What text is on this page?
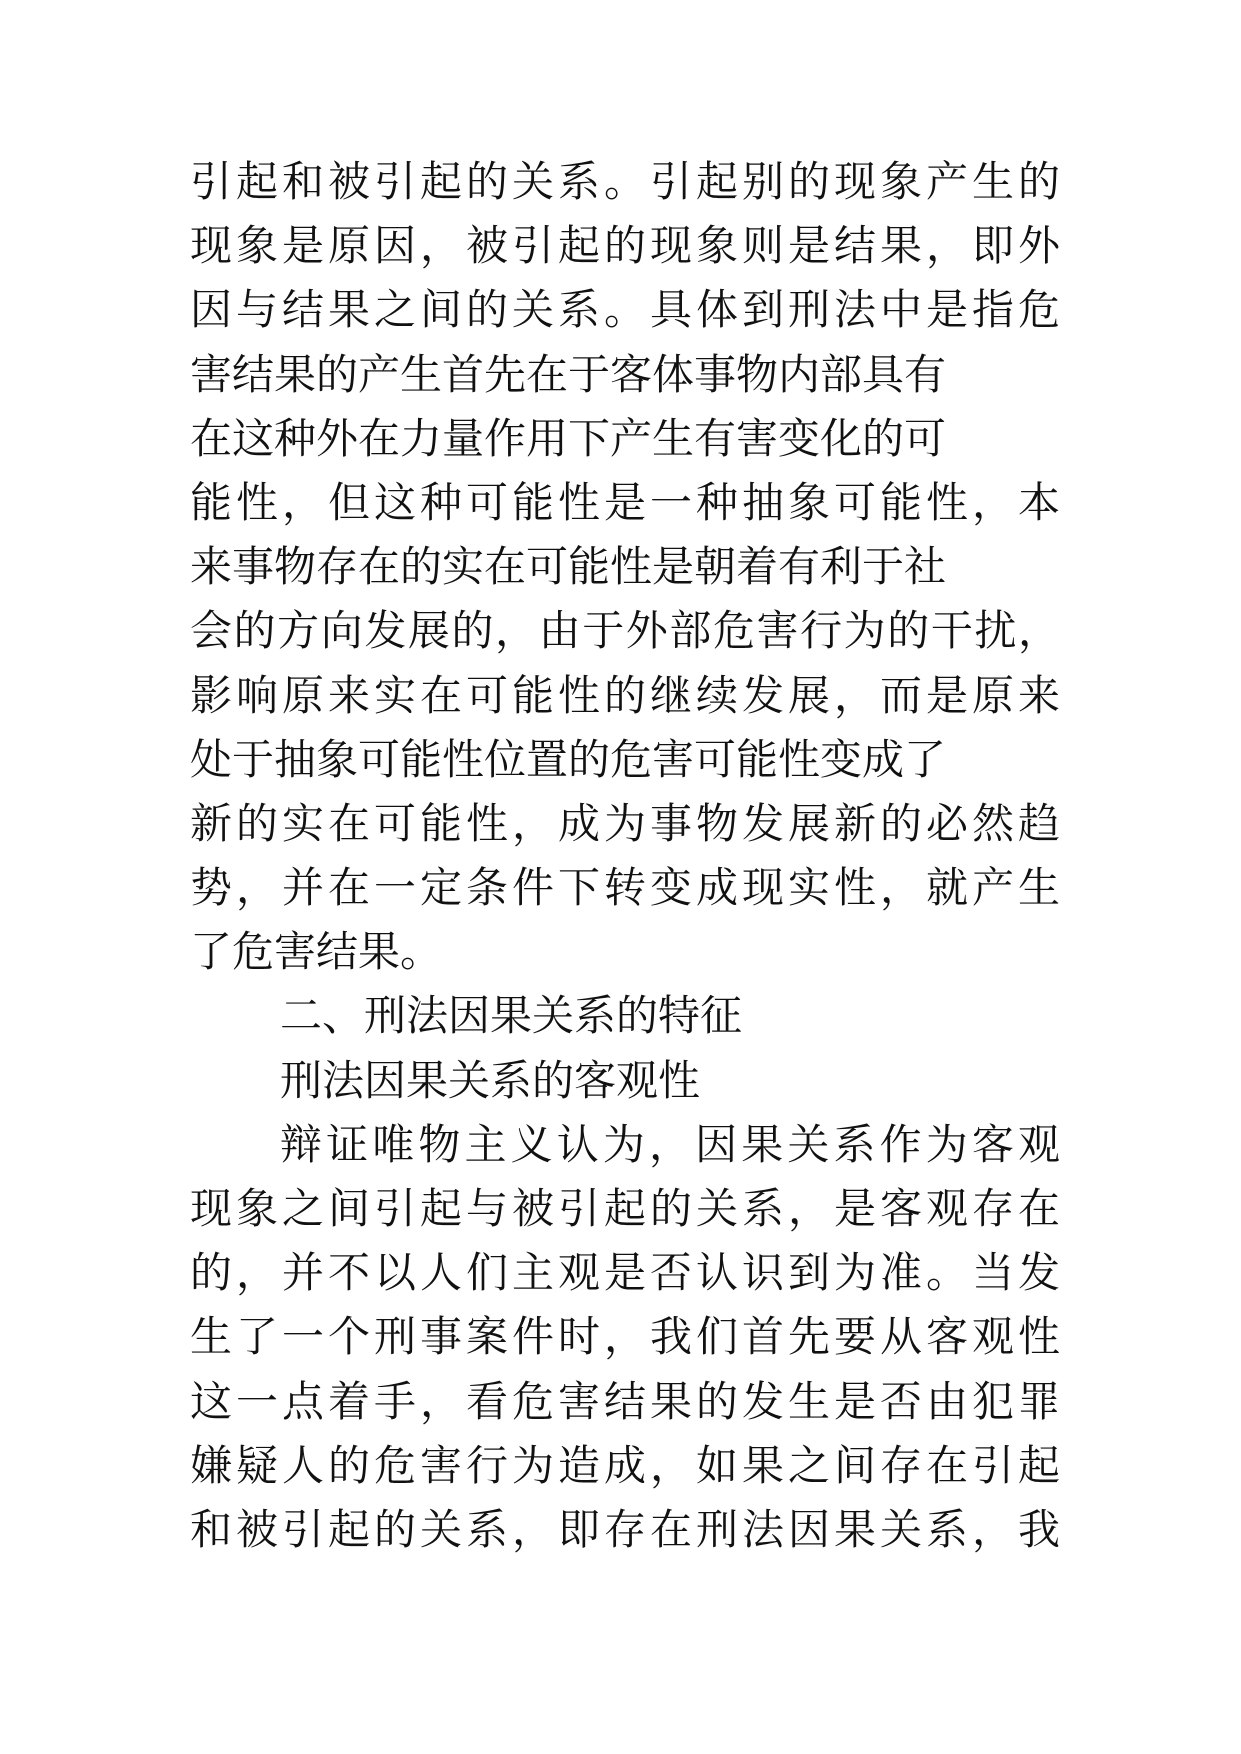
引起和被引起的关系。引起别的现象产生的
现象是原因，被引起的现象则是结果，即外
因与结果之间的关系。具体到刑法中是指危
害结果的产生首先在于客体事物内部具有
在这种外在力量作用下产生有害变化的可
能性，但这种可能性是一种抽象可能性，本
来事物存在的实在可能性是朝着有利于社
会的方向发展的，由于外部危害行为的干扰，
影响原来实在可能性的继续发展，而是原来
处于抽象可能性位置的危害可能性变成了
新的实在可能性，成为事物发展新的必然趋
势，并在一定条件下转变成现实性，就产生
了危害结果。
二、刑法因果关系的特征
刑法因果关系的客观性
辩证唯物主义认为，因果关系作为客观
现象之间引起与被引起的关系，是客观存在
的，并不以人们主观是否认识到为准。当发
生了一个刑事案件时，我们首先要从客观性
这一点着手，看危害结果的发生是否由犯罪
嫌疑人的危害行为造成，如果之间存在引起
和被引起的关系，即存在刑法因果关系，我
